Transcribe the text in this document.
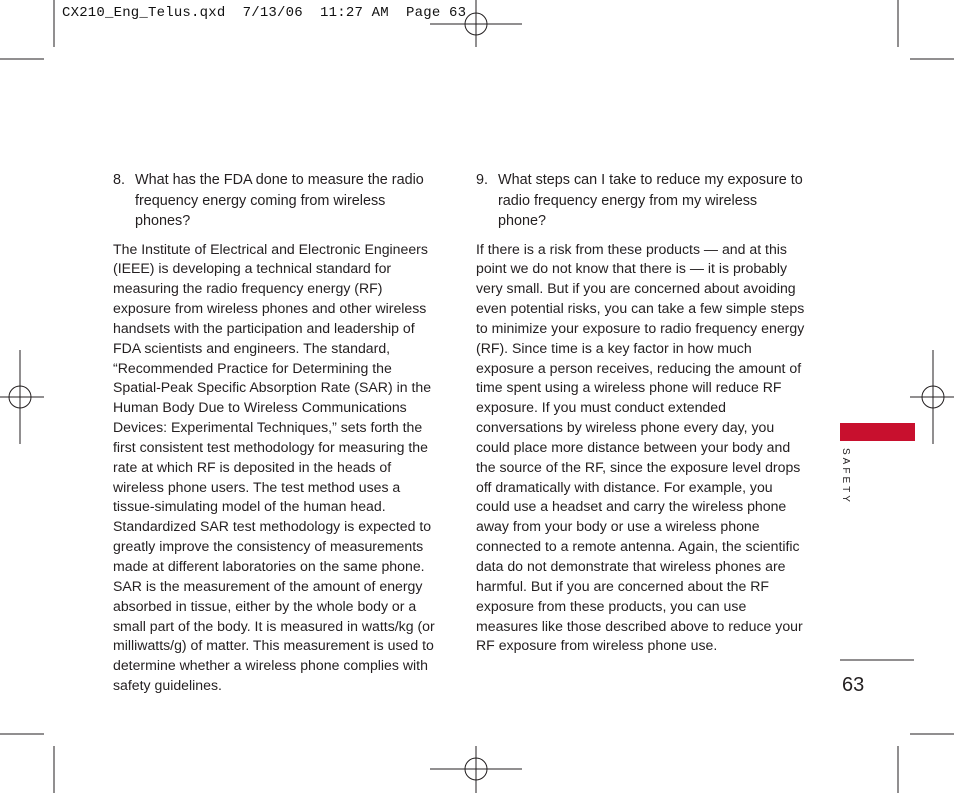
CX210_Eng_Telus.qxd  7/13/06  11:27 AM  Page 63
8. What has the FDA done to measure the radio frequency energy coming from wireless phones?

The Institute of Electrical and Electronic Engineers (IEEE) is developing a technical standard for measuring the radio frequency energy (RF) exposure from wireless phones and other wireless handsets with the participation and leadership of FDA scientists and engineers. The standard, “Recommended Practice for Determining the Spatial-Peak Specific Absorption Rate (SAR) in the Human Body Due to Wireless Communications Devices: Experimental Techniques,” sets forth the first consistent test methodology for measuring the rate at which RF is deposited in the heads of wireless phone users. The test method uses a tissue-simulating model of the human head. Standardized SAR test methodology is expected to greatly improve the consistency of measurements made at different laboratories on the same phone. SAR is the measurement of the amount of energy absorbed in tissue, either by the whole body or a small part of the body. It is measured in watts/kg (or milliwatts/g) of matter. This measurement is used to determine whether a wireless phone complies with safety guidelines.

9. What steps can I take to reduce my exposure to radio frequency energy from my wireless phone?

If there is a risk from these products — and at this point we do not know that there is — it is probably very small. But if you are concerned about avoiding even potential risks, you can take a few simple steps to minimize your exposure to radio frequency energy (RF). Since time is a key factor in how much exposure a person receives, reducing the amount of time spent using a wireless phone will reduce RF exposure. If you must conduct extended conversations by wireless phone every day, you could place more distance between your body and the source of the RF, since the exposure level drops off dramatically with distance. For example, you could use a headset and carry the wireless phone away from your body or use a wireless phone connected to a remote antenna. Again, the scientific data do not demonstrate that wireless phones are harmful. But if you are concerned about the RF exposure from these products, you can use measures like those described above to reduce your RF exposure from wireless phone use.

SAFETY
63
